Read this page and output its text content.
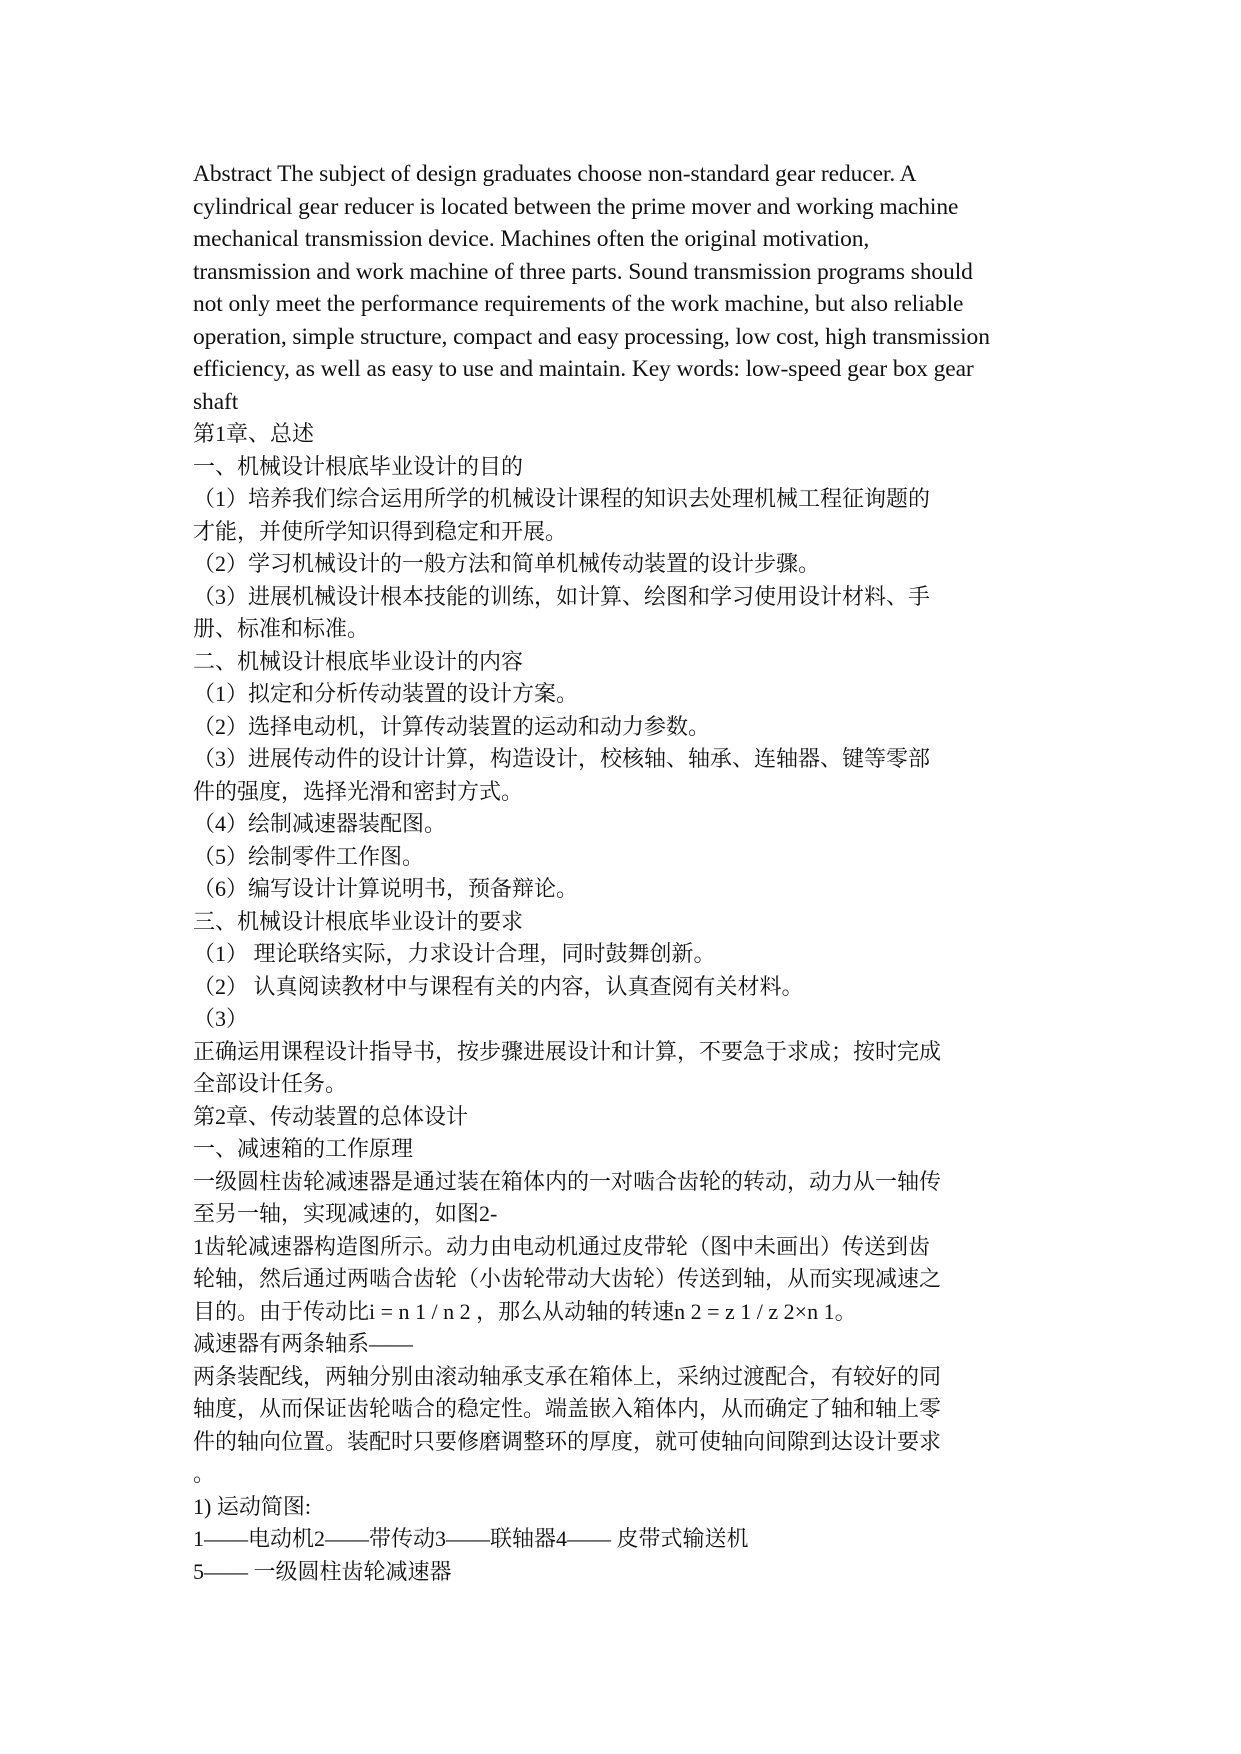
Abstract The subject of design graduates choose non-standard gear reducer. A
cylindrical gear reducer is located between the prime mover and working machine
mechanical transmission device. Machines often the original motivation,
transmission and work machine of three parts. Sound transmission programs should
not only meet the performance requirements of the work machine, but also reliable
operation, simple structure, compact and easy processing, low cost, high transmission
efficiency, as well as easy to use and maintain. Key words: low-speed gear box gear
shaft
第1章、总述
一、机械设计根底毕业设计的目的
（1）培养我们综合运用所学的机械设计课程的知识去处理机械工程征询题的
才能，并使所学知识得到稳定和开展。
（2）学习机械设计的一般方法和简单机械传动装置的设计步骤。
（3）进展机械设计根本技能的训练，如计算、绘图和学习使用设计材料、手
册、标准和标准。
二、机械设计根底毕业设计的内容
（1）拟定和分析传动装置的设计方案。
（2）选择电动机，计算传动装置的运动和动力参数。
（3）进展传动件的设计计算，构造设计，校核轴、轴承、连轴器、键等零部
件的强度，选择光滑和密封方式。
（4）绘制减速器装配图。
（5）绘制零件工作图。
（6）编写设计计算说明书，预备辩论。
三、机械设计根底毕业设计的要求
（1） 理论联络实际，力求设计合理，同时鼓舞创新。
（2） 认真阅读教材中与课程有关的内容，认真查阅有关材料。
（3）
正确运用课程设计指导书，按步骤进展设计和计算，不要急于求成；按时完成
全部设计任务。
第2章、传动装置的总体设计
一、减速箱的工作原理
一级圆柱齿轮减速器是通过装在箱体内的一对啮合齿轮的转动，动力从一轴传
至另一轴，实现减速的，如图2-
1齿轮减速器构造图所示。动力由电动机通过皮带轮（图中未画出）传送到齿
轮轴，然后通过两啮合齿轮（小齿轮带动大齿轮）传送到轴，从而实现减速之
目的。由于传动比i = n 1 / n 2 ，那么从动轴的转速n 2 = z 1 / z 2×n 1。
减速器有两条轴系——
两条装配线，两轴分别由滚动轴承支承在箱体上，采纳过渡配合，有较好的同
轴度，从而保证齿轮啮合的稳定性。端盖嵌入箱体内，从而确定了轴和轴上零
件的轴向位置。装配时只要修磨调整环的厚度，就可使轴向间隙到达设计要求
。
1) 运动简图:
1——电动机2——带传动3——联轴器4—— 皮带式输送机
5—— 一级圆柱齿轮减速器
